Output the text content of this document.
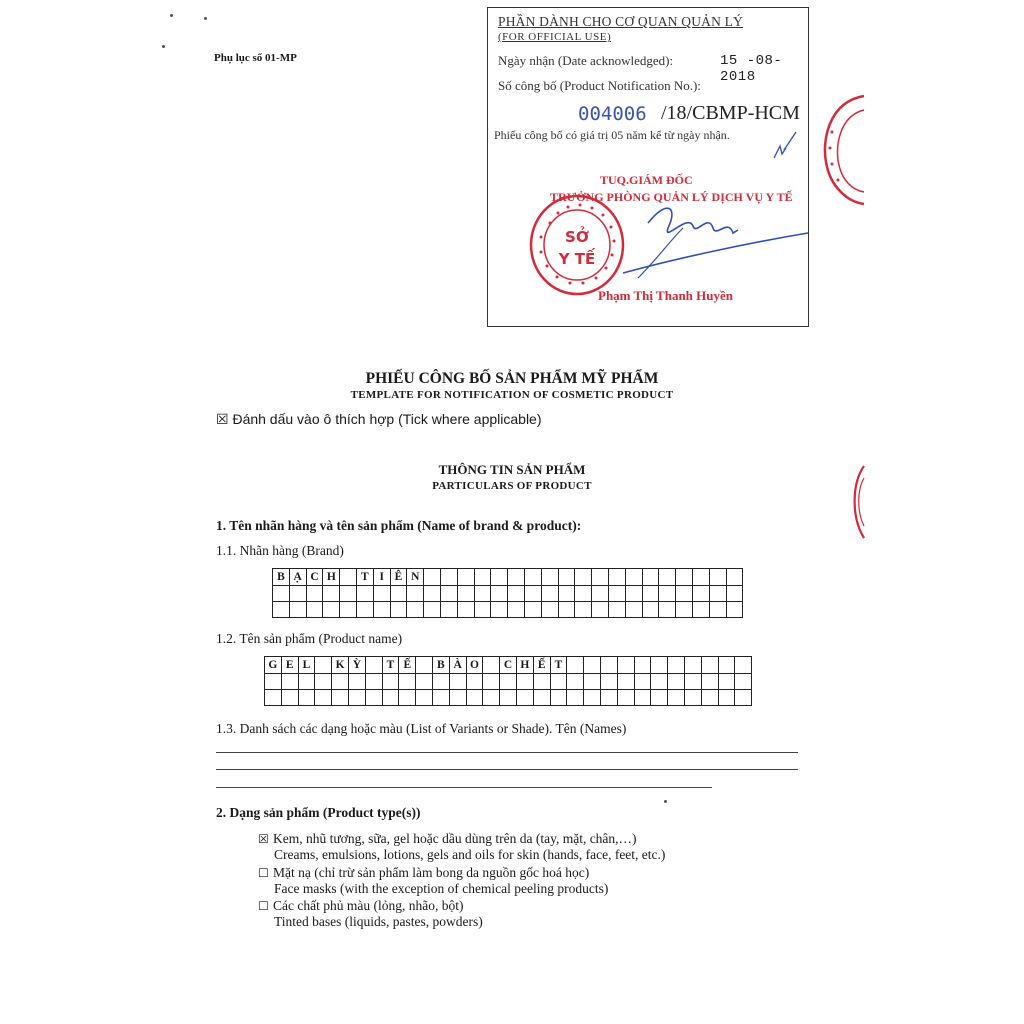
Phụ lục số 01-MP
PHẦN DÀNH CHO CƠ QUAN QUẢN LÝ
(FOR OFFICIAL USE)
Ngày nhận (Date acknowledged):	15 -08- 2018
Số công bố (Product Notification No.):
004006 /18/CBMP-HCM
Phiếu công bố có giá trị 05 năm kể từ ngày nhận.
TUQ.GIÁM ĐỐC
TRƯỞNG PHÒNG QUẢN LÝ DỊCH VỤ Y TẾ
SỞ
Y TẾ
Phạm Thị Thanh Huyền
PHIẾU CÔNG BỐ SẢN PHẨM MỸ PHẨM
TEMPLATE FOR NOTIFICATION OF COSMETIC PRODUCT
☒ Đánh dấu vào ô thích hợp (Tick where applicable)
THÔNG TIN SẢN PHẨM
PARTICULARS OF PRODUCT
1. Tên nhãn hàng và tên sản phẩm (Name of brand & product):
1.1. Nhãn hàng (Brand)
B	Ạ	C	H		T	I	Ê	N																			

1.2. Tên sản phẩm (Product name)
G	E	L		K	Ỳ		T	Ế		B	À	O		C	H	Ế	T											

1.3. Danh sách các dạng hoặc màu (List of Variants or Shade). Tên (Names)
2. Dạng sản phẩm (Product type(s))
☒ Kem, nhũ tương, sữa, gel hoặc dầu dùng trên da (tay, mặt, chân,…)
Creams, emulsions, lotions, gels and oils for skin (hands, face, feet, etc.)
☐ Mặt nạ (chỉ trừ sản phẩm làm bong da nguồn gốc hoá học)
Face masks (with the exception of chemical peeling products)
☐ Các chất phủ màu (lỏng, nhão, bột)
Tinted bases (liquids, pastes, powders)
